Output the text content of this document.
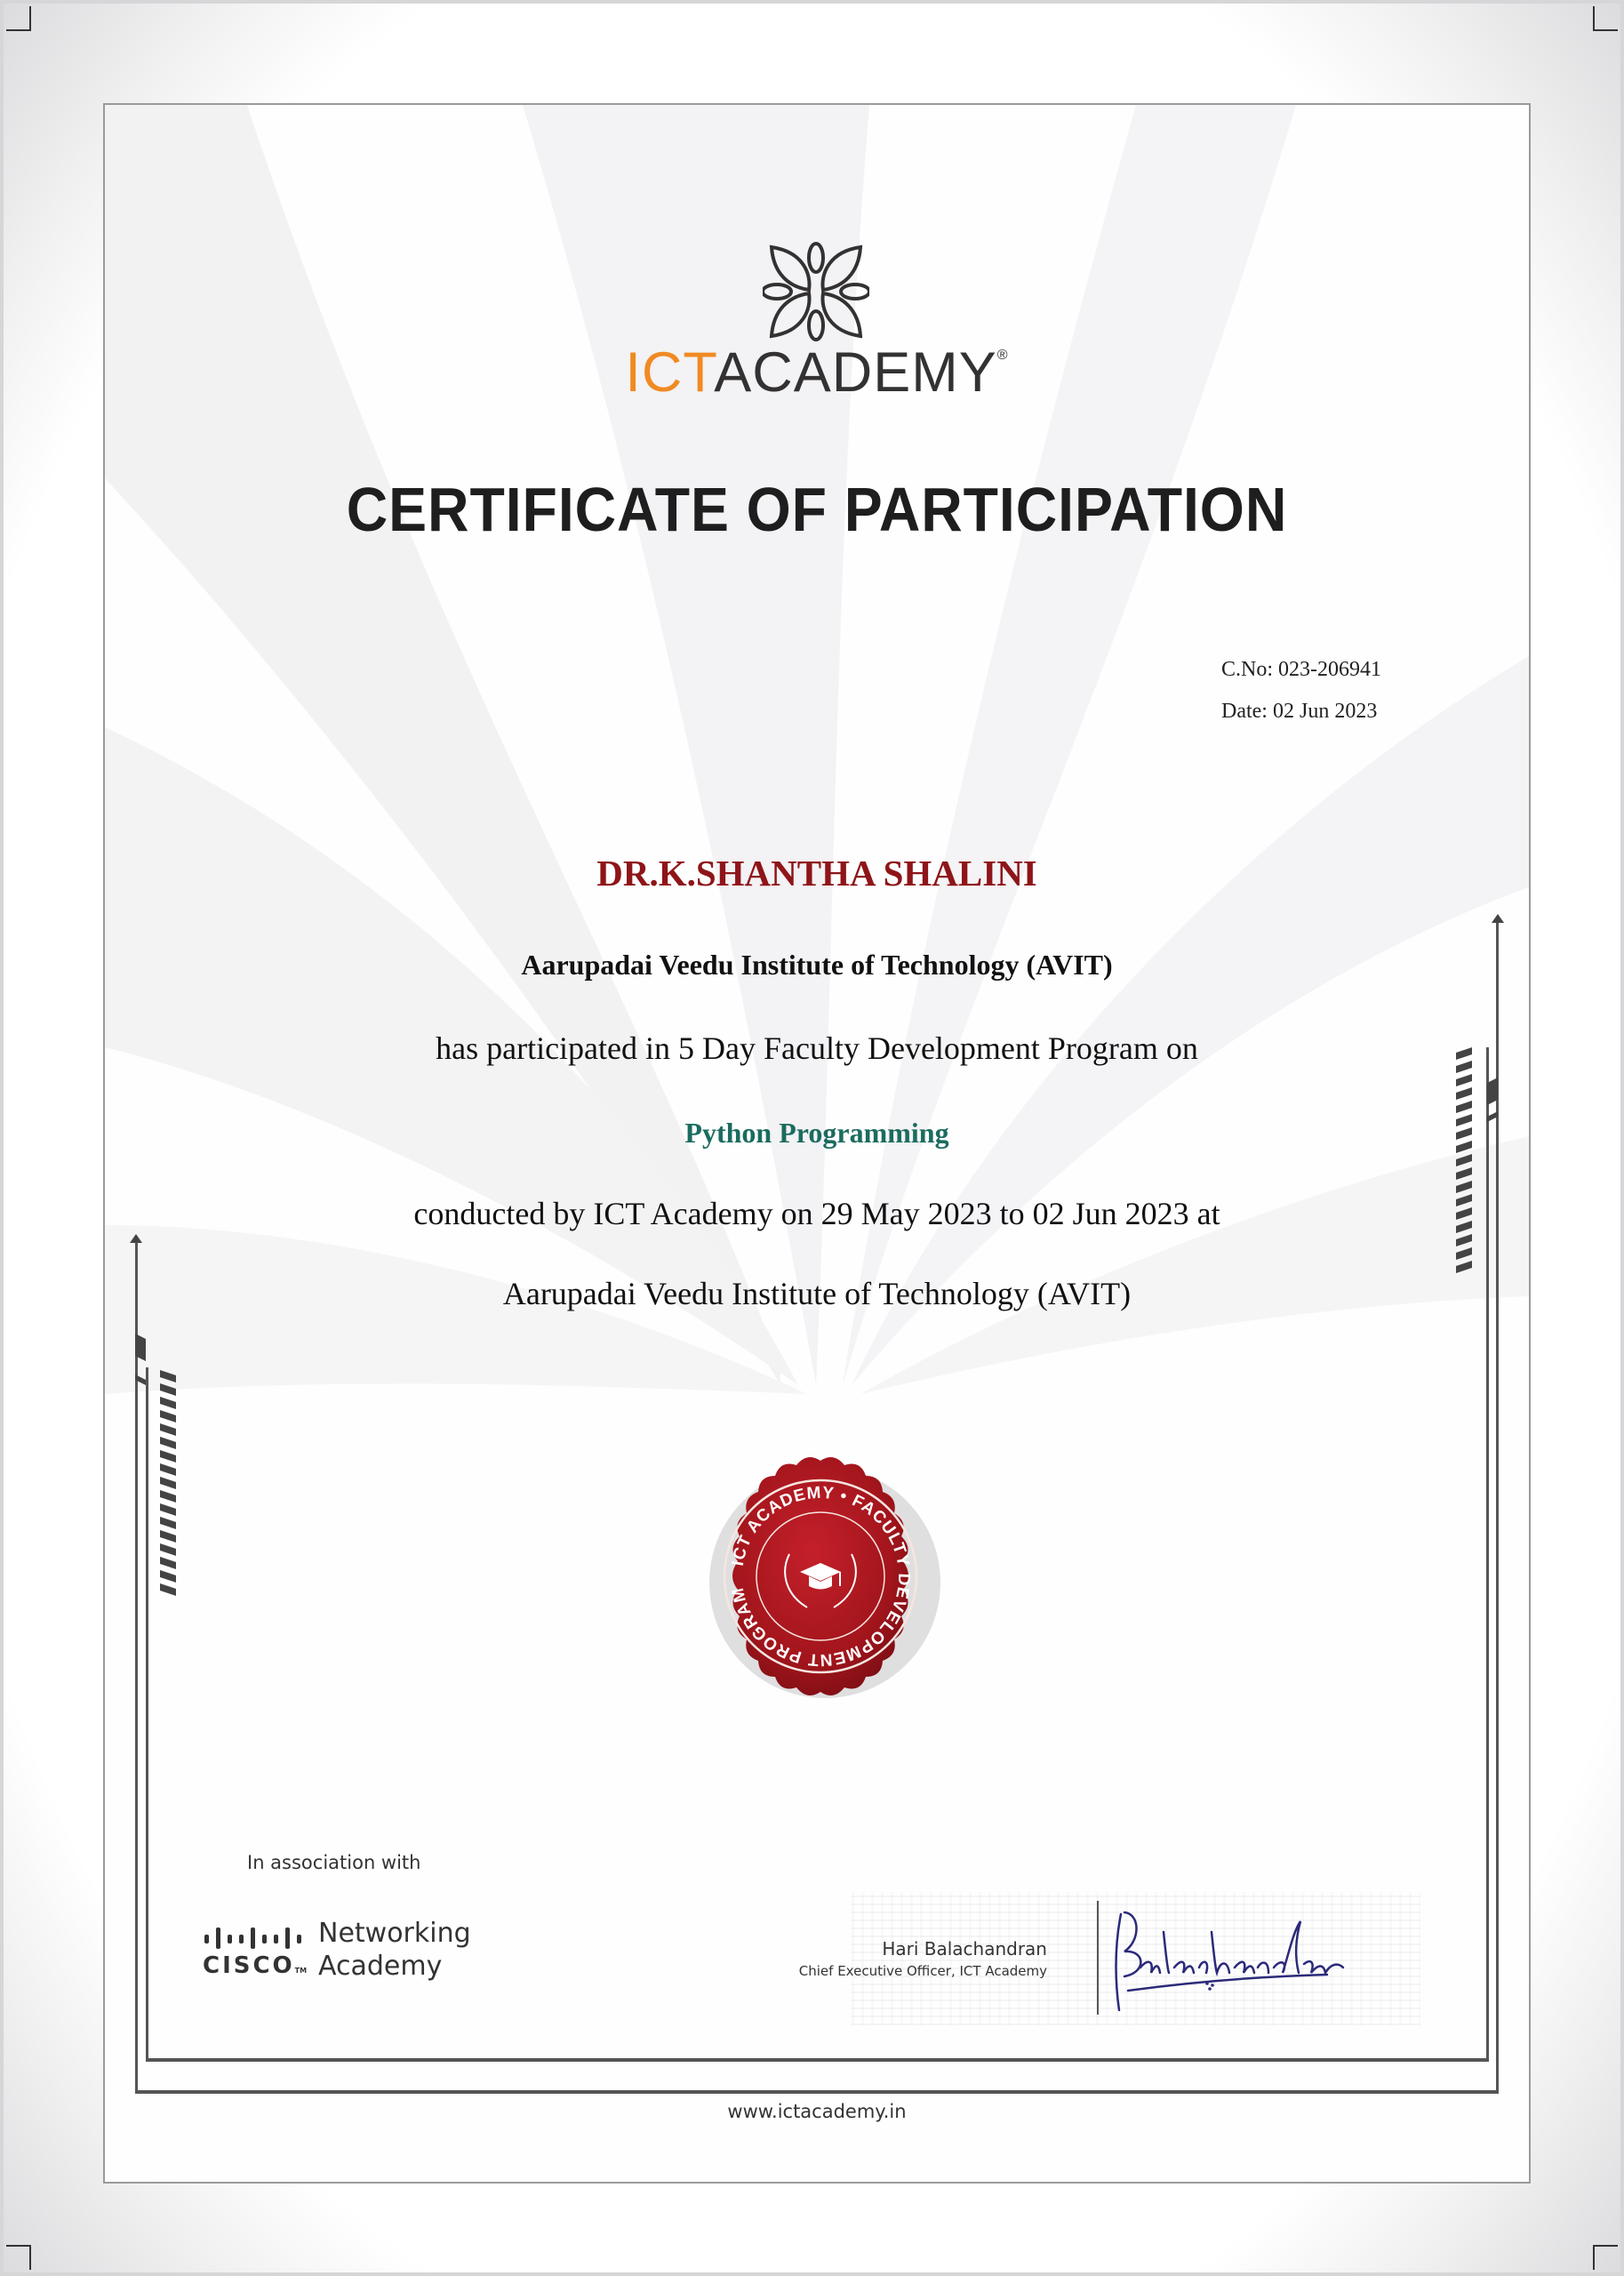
ICTACADEMY®
CERTIFICATE OF PARTICIPATION
C.No: 023-206941
Date: 02 Jun 2023
DR.K.SHANTHA SHALINI
Aarupadai Veedu Institute of Technology (AVIT)
has participated in 5 Day Faculty Development Program on
Python Programming
conducted by ICT Academy on 29 May 2023 to 02 Jun 2023 at
Aarupadai Veedu Institute of Technology (AVIT)
ICT ACADEMY • FACULTY DEVELOPMENT PROGRAM
In association with
CISCOTM
Networking
Academy
Hari Balachandran
Chief Executive Officer, ICT Academy
www.ictacademy.in
